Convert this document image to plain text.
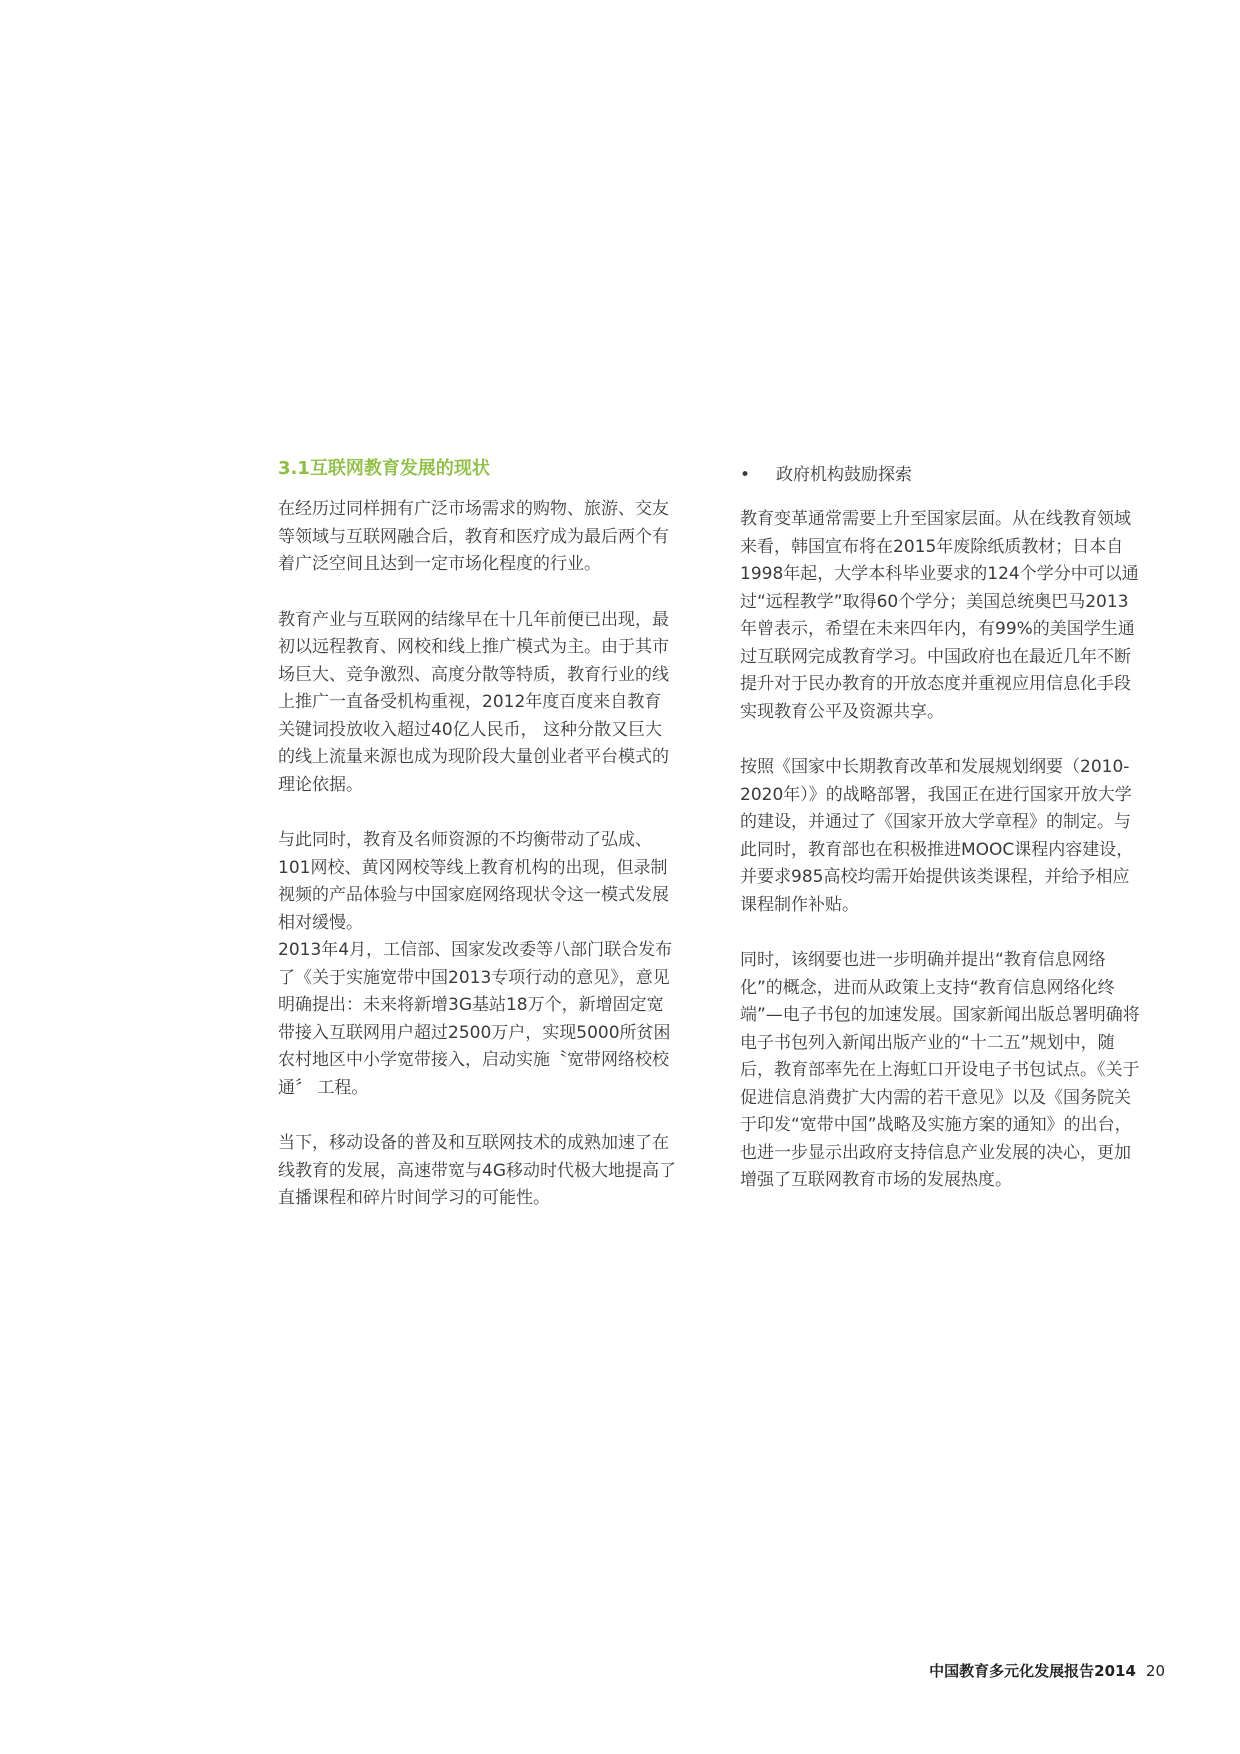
3.1互联网教育发展的现状

在经历过同样拥有广泛市场需求的购物、旅游、交友等领域与互联网融合后，教育和医疗成为最后两个有着广泛空间且达到一定市场化程度的行业。

教育产业与互联网的结缘早在十几年前便已出现，最初以远程教育、网校和线上推广模式为主。由于其市场巨大、竞争激烈、高度分散等特质，教育行业的线上推广一直备受机构重视，2012年度百度来自教育关键词投放收入超过40亿人民币， 这种分散又巨大的线上流量来源也成为现阶段大量创业者平台模式的理论依据。

与此同时，教育及名师资源的不均衡带动了弘成、101网校、黄冈网校等线上教育机构的出现，但录制视频的产品体验与中国家庭网络现状令这一模式发展相对缓慢。

2013年4月，工信部、国家发改委等八部门联合发布了《关于实施宽带中国2013专项行动的意见》，意见明确提出：未来将新增3G基站18万个，新增固定宽带接入互联网用户超过2500万户，实现5000所贫困农村地区中小学宽带接入，启动实施〝宽带网络校校通〞 工程。

当下，移动设备的普及和互联网技术的成熟加速了在线教育的发展，高速带宽与4G移动时代极大地提高了直播课程和碎片时间学习的可能性。

• 政府机构鼓励探索

教育变革通常需要上升至国家层面。从在线教育领域来看，韩国宣布将在2015年废除纸质教材；日本自1998年起，大学本科毕业要求的124个学分中可以通过“远程教学”取得60个学分；美国总统奥巴马2013年曾表示，希望在未来四年内，有99%的美国学生通过互联网完成教育学习。中国政府也在最近几年不断提升对于民办教育的开放态度并重视应用信息化手段实现教育公平及资源共享。

按照《国家中长期教育改革和发展规划纲要（2010-2020年）》的战略部署，我国正在进行国家开放大学的建设，并通过了《国家开放大学章程》的制定。与此同时，教育部也在积极推进MOOC课程内容建设，并要求985高校均需开始提供该类课程，并给予相应课程制作补贴。

同时，该纲要也进一步明确并提出“教育信息网络化”的概念，进而从政策上支持“教育信息网络化终端”—电子书包的加速发展。国家新闻出版总署明确将电子书包列入新闻出版产业的“十二五”规划中，随后，教育部率先在上海虹口开设电子书包试点。《关于促进信息消费扩大内需的若干意见》以及《国务院关于印发“宽带中国”战略及实施方案的通知》的出台，也进一步显示出政府支持信息产业发展的决心，更加增强了互联网教育市场的发展热度。

中国教育多元化发展报告2014 20
